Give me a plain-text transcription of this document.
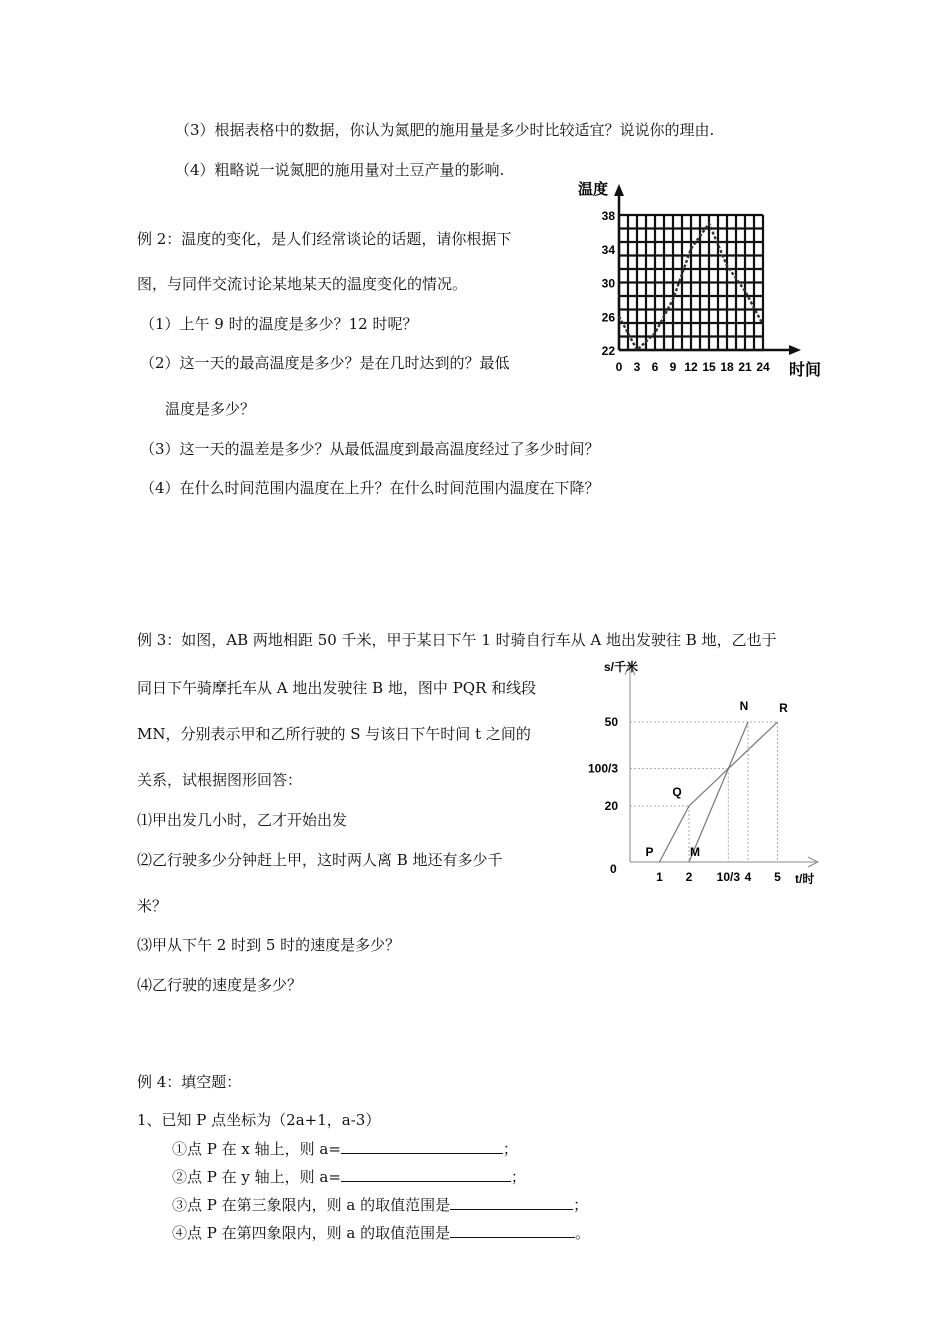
（3）根据表格中的数据，你认为氮肥的施用量是多少时比较适宜？说说你的理由.
（4）粗略说一说氮肥的施用量对土豆产量的影响.
例 2：温度的变化，是人们经常谈论的话题，请你根据下
图，与同伴交流讨论某地某天的温度变化的情况。
（1）上午 9 时的温度是多少？12 时呢？
（2）这一天的最高温度是多少？是在几时达到的？最低
温度是多少？
（3）这一天的温差是多少？从最低温度到最高温度经过了多少时间？
（4）在什么时间范围内温度在上升？在什么时间范围内温度在下降？
温度
时间
22
26
30
34
38
0 3 6 9 12 15 18 21 24
例 3：如图，AB 两地相距 50 千米，甲于某日下午 1 时骑自行车从 A 地出发驶往 B 地，乙也于
同日下午骑摩托车从 A 地出发驶往 B 地，图中 PQR 和线段
MN，分别表示甲和乙所行驶的 S 与该日下午时间 t 之间的
关系，试根据图形回答：
⑴甲出发几小时，乙才开始出发
⑵乙行驶多少分钟赶上甲，这时两人离 B 地还有多少千
米？
⑶甲从下午 2 时到 5 时的速度是多少？
⑷乙行驶的速度是多少？
s/千米
t/时
0
20
100/3
50
1 2 10/3 4 5
P
Q
R
M
N
例 4：填空题：
1、已知 P 点坐标为（2a+1，a-3）
①点 P 在 x 轴上，则 a=	；
②点 P 在 y 轴上，则 a=	；
③点 P 在第三象限内，则 a 的取值范围是	；
④点 P 在第四象限内，则 a 的取值范围是	。
